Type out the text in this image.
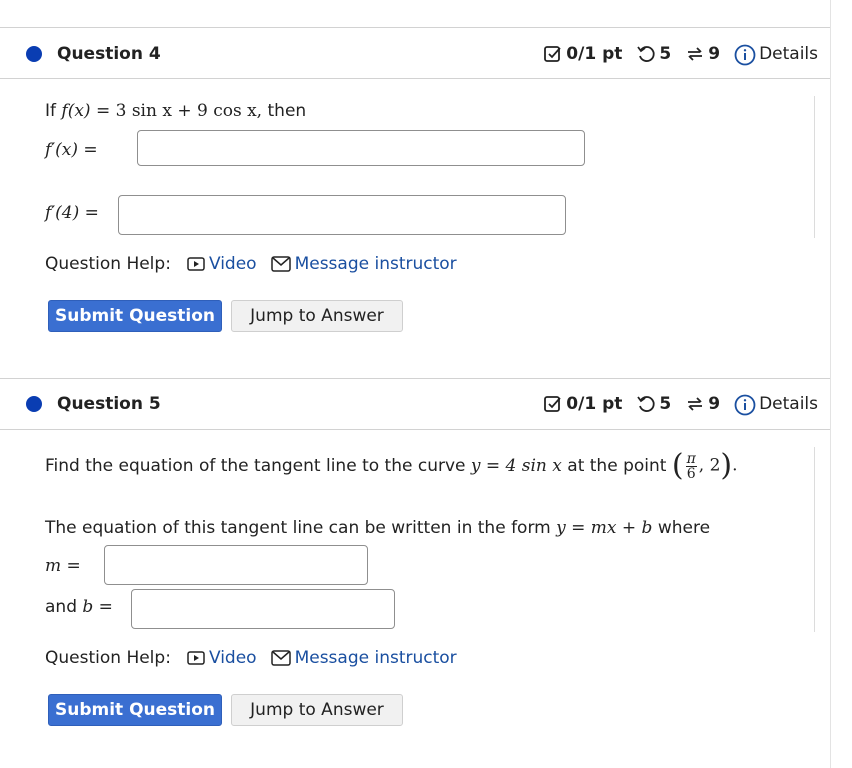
Question 4	0/1 pt 5 9 Details
If f(x) = 3 sin x + 9 cos x, then
f′(x) =
f′(4) =
Question Help: Video Message instructor
Submit Question	Jump to Answer
Question 5	0/1 pt 5 9 Details
Find the equation of the tangent line to the curve
y = 4 sin x
at the point
( $\frac{\pi}{6}$ , 2).
The equation of this tangent line can be written in the form y = mx + b where
m =
and b =
Question Help: Video Message instructor
Submit Question	Jump to Answer
